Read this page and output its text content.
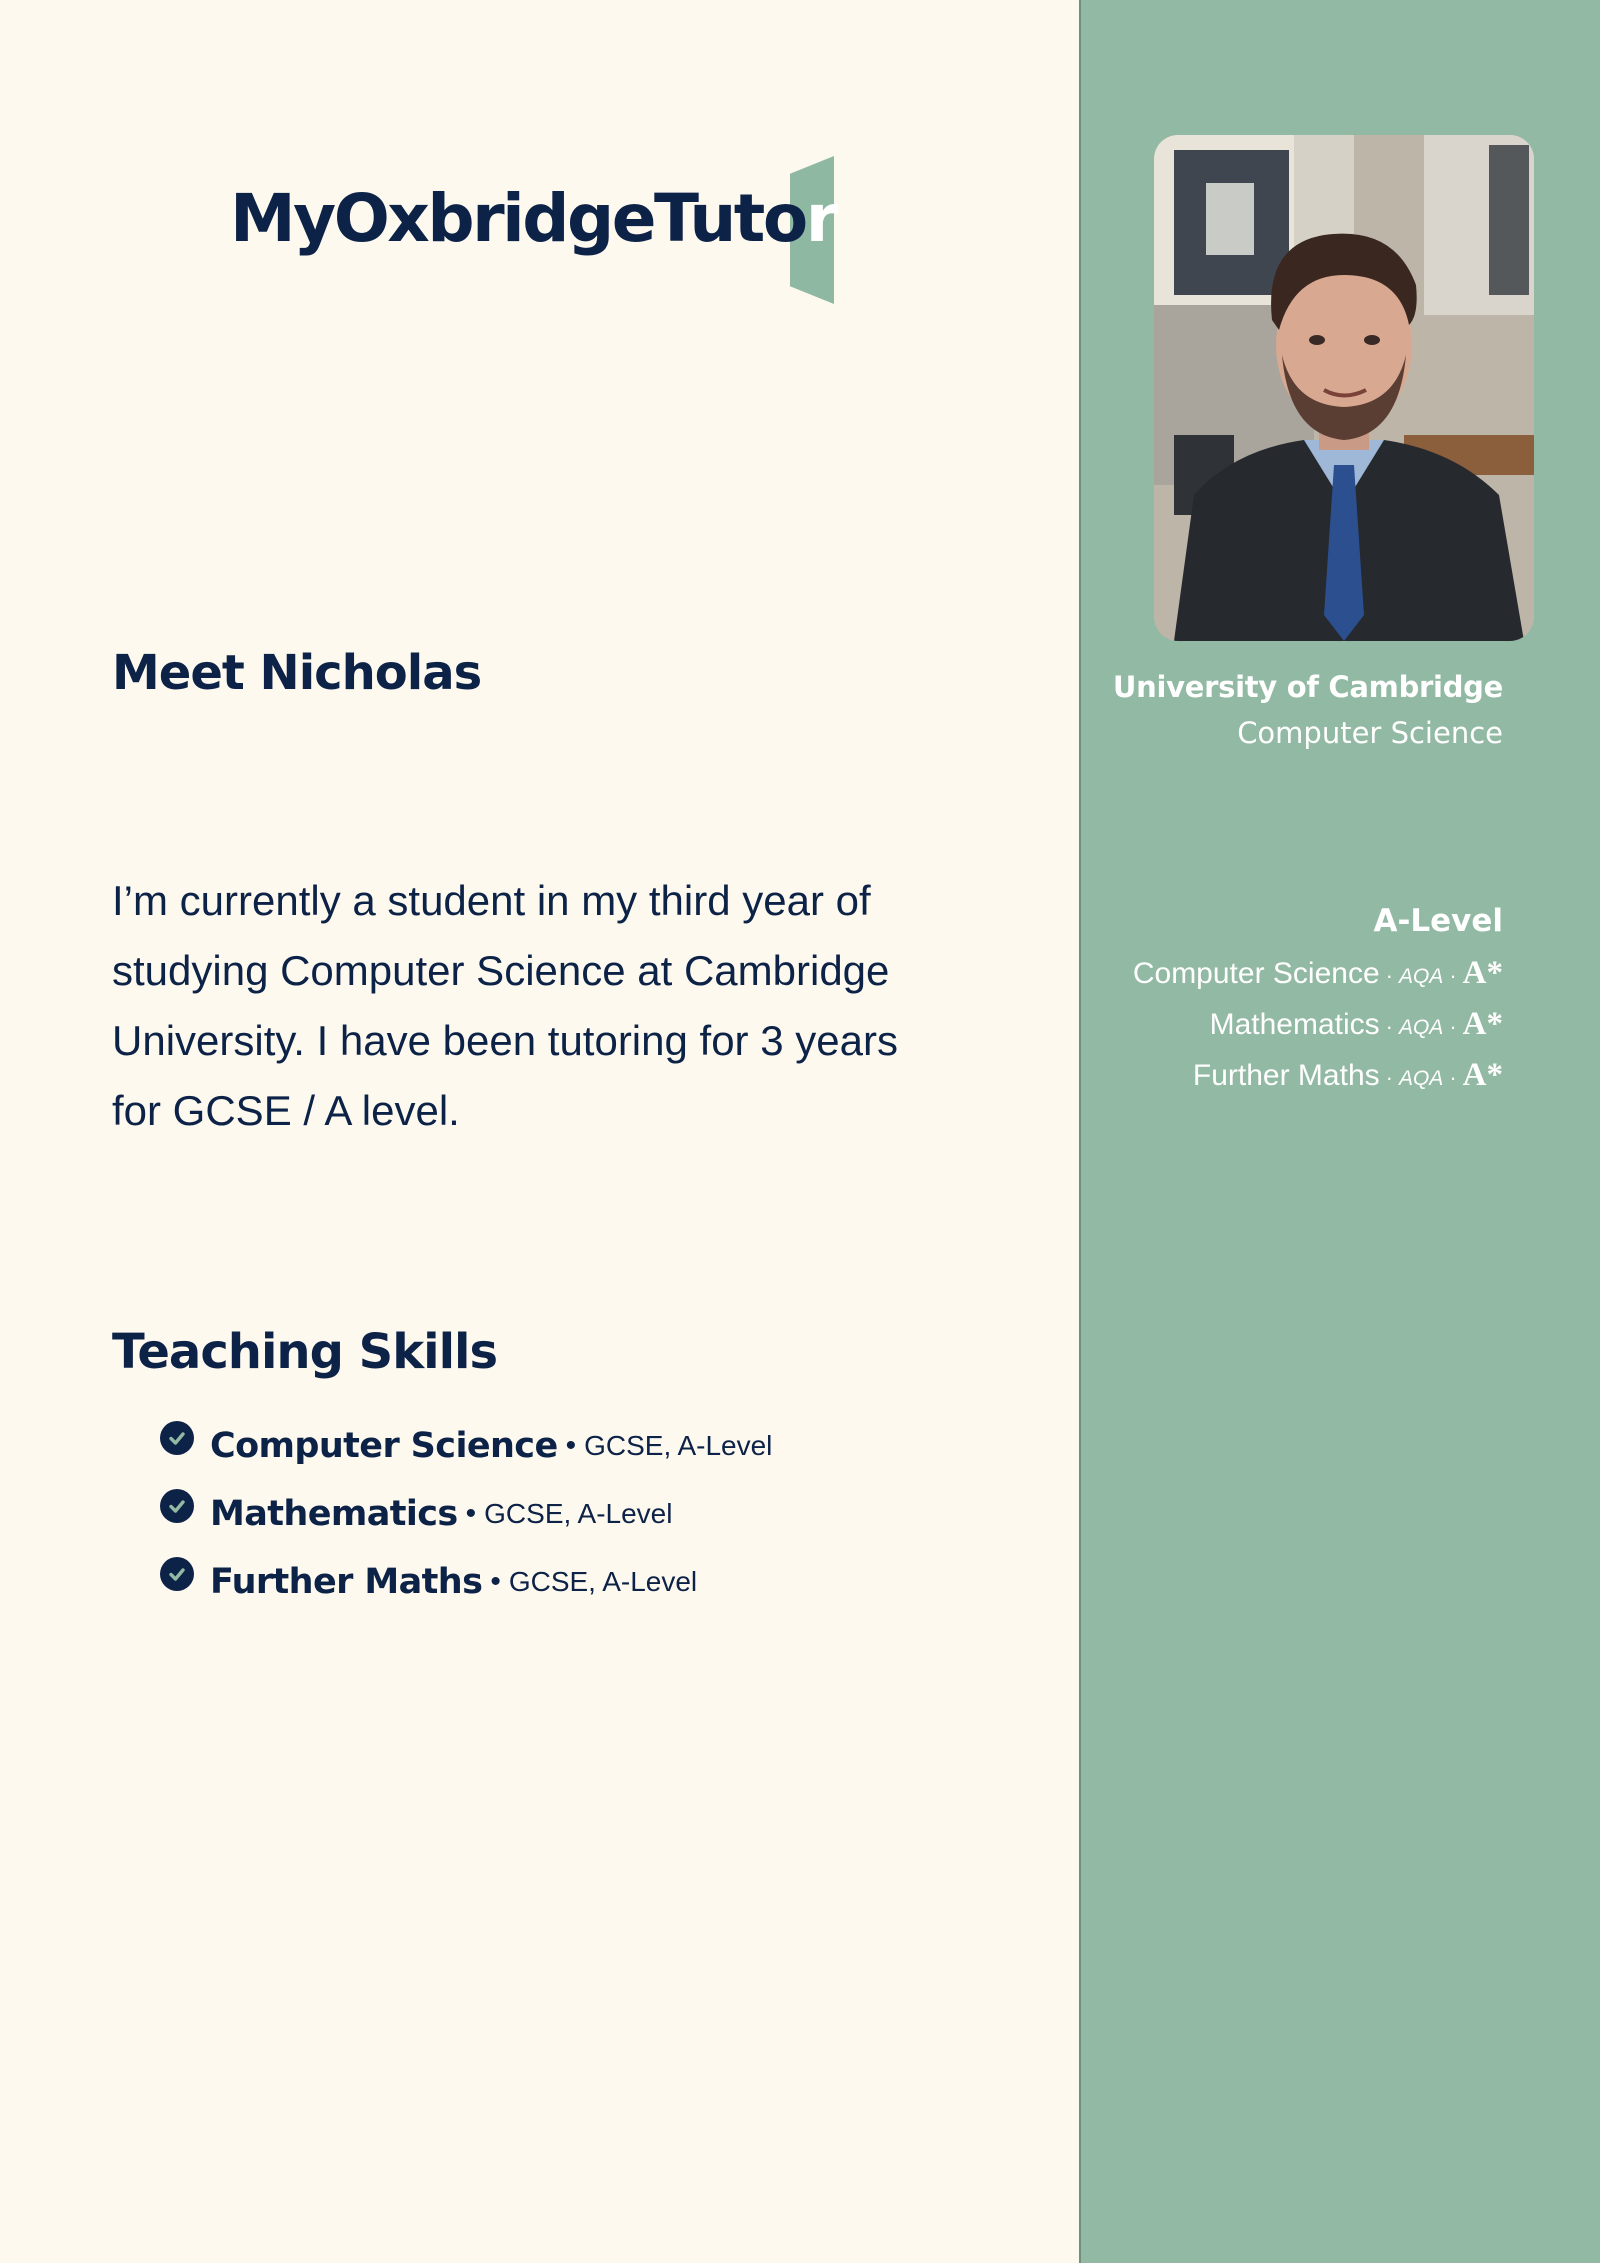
MyOxbridgeTutor
Meet Nicholas

I’m currently a student in my third year of studying Computer Science at Cambridge University. I have been tutoring for 3 years for GCSE / A level.

Teaching Skills
Computer Science • GCSE, A-Level
Mathematics • GCSE, A-Level
Further Maths • GCSE, A-Level

University of Cambridge

Computer Science

A-Level
Computer Science · AQA · A*
Mathematics · AQA · A*
Further Maths · AQA · A*
